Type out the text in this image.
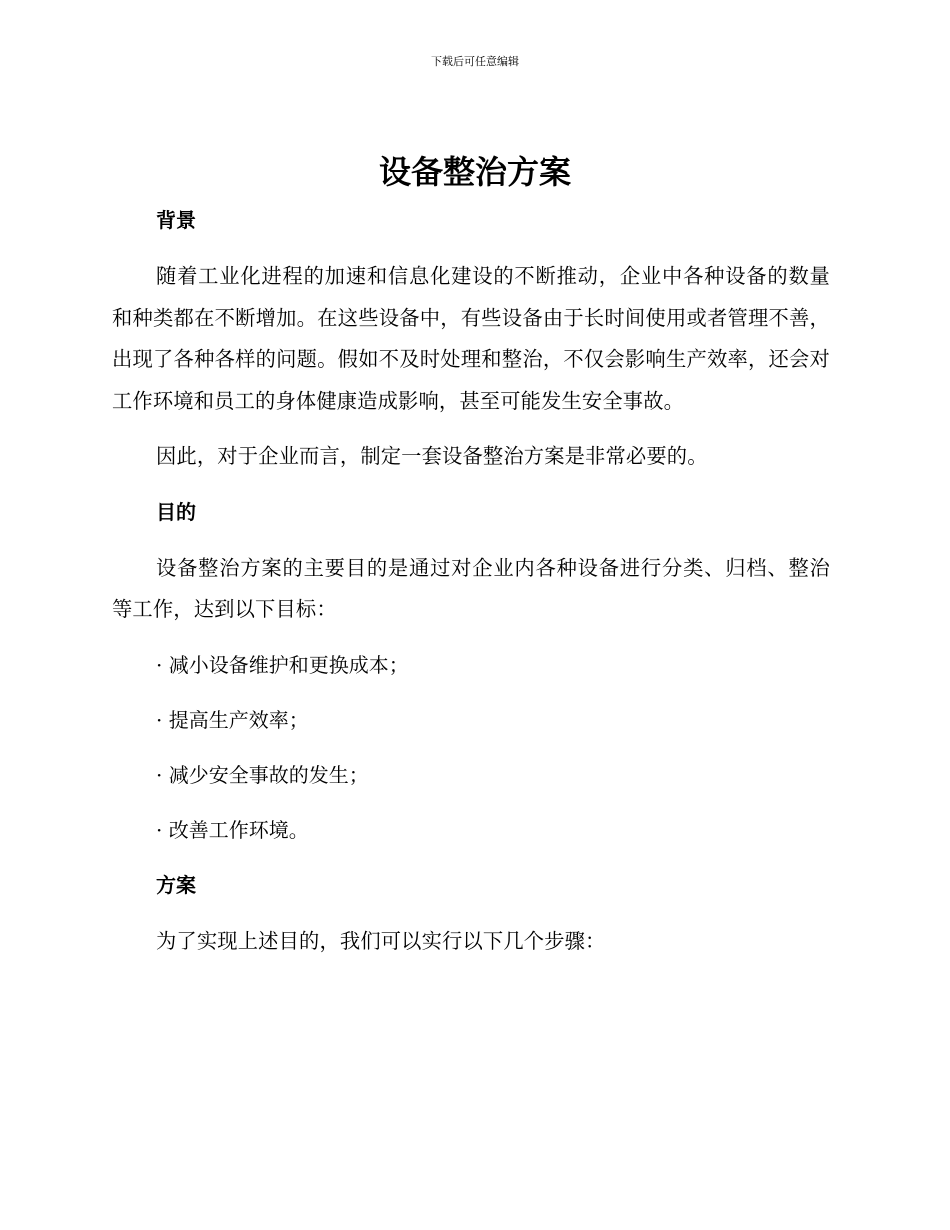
下载后可任意编辑
设备整治方案
背景

随着工业化进程的加速和信息化建设的不断推动，企业中各种设备的数量和种类都在不断增加。在这些设备中，有些设备由于长时间使用或者管理不善，出现了各种各样的问题。假如不及时处理和整治，不仅会影响生产效率，还会对工作环境和员工的身体健康造成影响，甚至可能发生安全事故。

因此，对于企业而言，制定一套设备整治方案是非常必要的。

目的

设备整治方案的主要目的是通过对企业内各种设备进行分类、归档、整治等工作，达到以下目标：

· 减小设备维护和更换成本；
· 提高生产效率；
· 减少安全事故的发生；
· 改善工作环境。
方案

为了实现上述目的，我们可以实行以下几个步骤：
